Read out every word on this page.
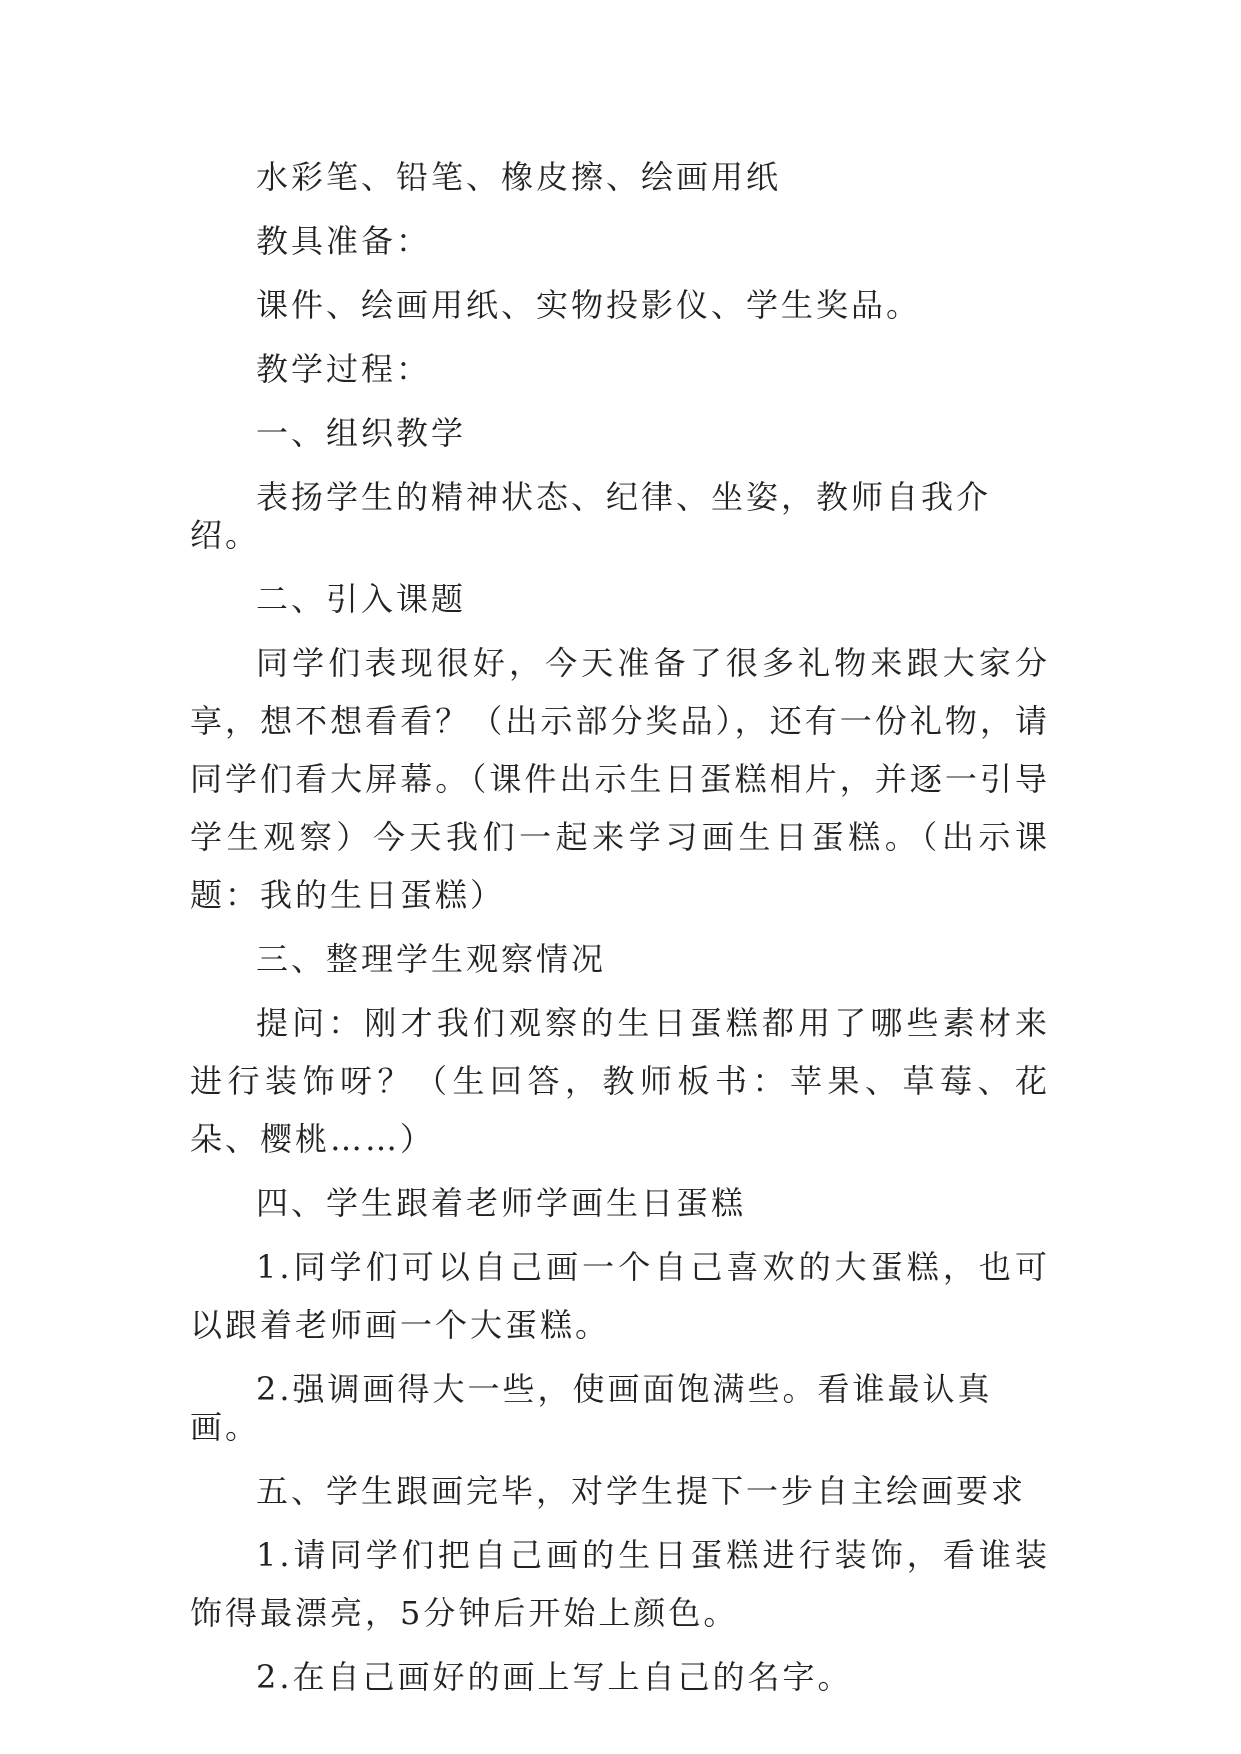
水彩笔、铅笔、橡皮擦、绘画用纸

教具准备：

课件、绘画用纸、实物投影仪、学生奖品。

教学过程：

一、组织教学

表扬学生的精神状态、纪律、坐姿，教师自我介绍。

二、引入课题

同学们表现很好，今天准备了很多礼物来跟大家分享，想不想看看？（出示部分奖品），还有一份礼物，请同学们看大屏幕。（课件出示生日蛋糕相片，并逐一引导学生观察）今天我们一起来学习画生日蛋糕。（出示课题：我的生日蛋糕）

三、整理学生观察情况

提问：刚才我们观察的生日蛋糕都用了哪些素材来进行装饰呀？（生回答，教师板书：苹果、草莓、花朵、樱桃……）

四、学生跟着老师学画生日蛋糕

1.同学们可以自己画一个自己喜欢的大蛋糕，也可以跟着老师画一个大蛋糕。

2.强调画得大一些，使画面饱满些。看谁最认真画。

五、学生跟画完毕，对学生提下一步自主绘画要求

1.请同学们把自己画的生日蛋糕进行装饰，看谁装饰得最漂亮，5分钟后开始上颜色。

2.在自己画好的画上写上自己的名字。
